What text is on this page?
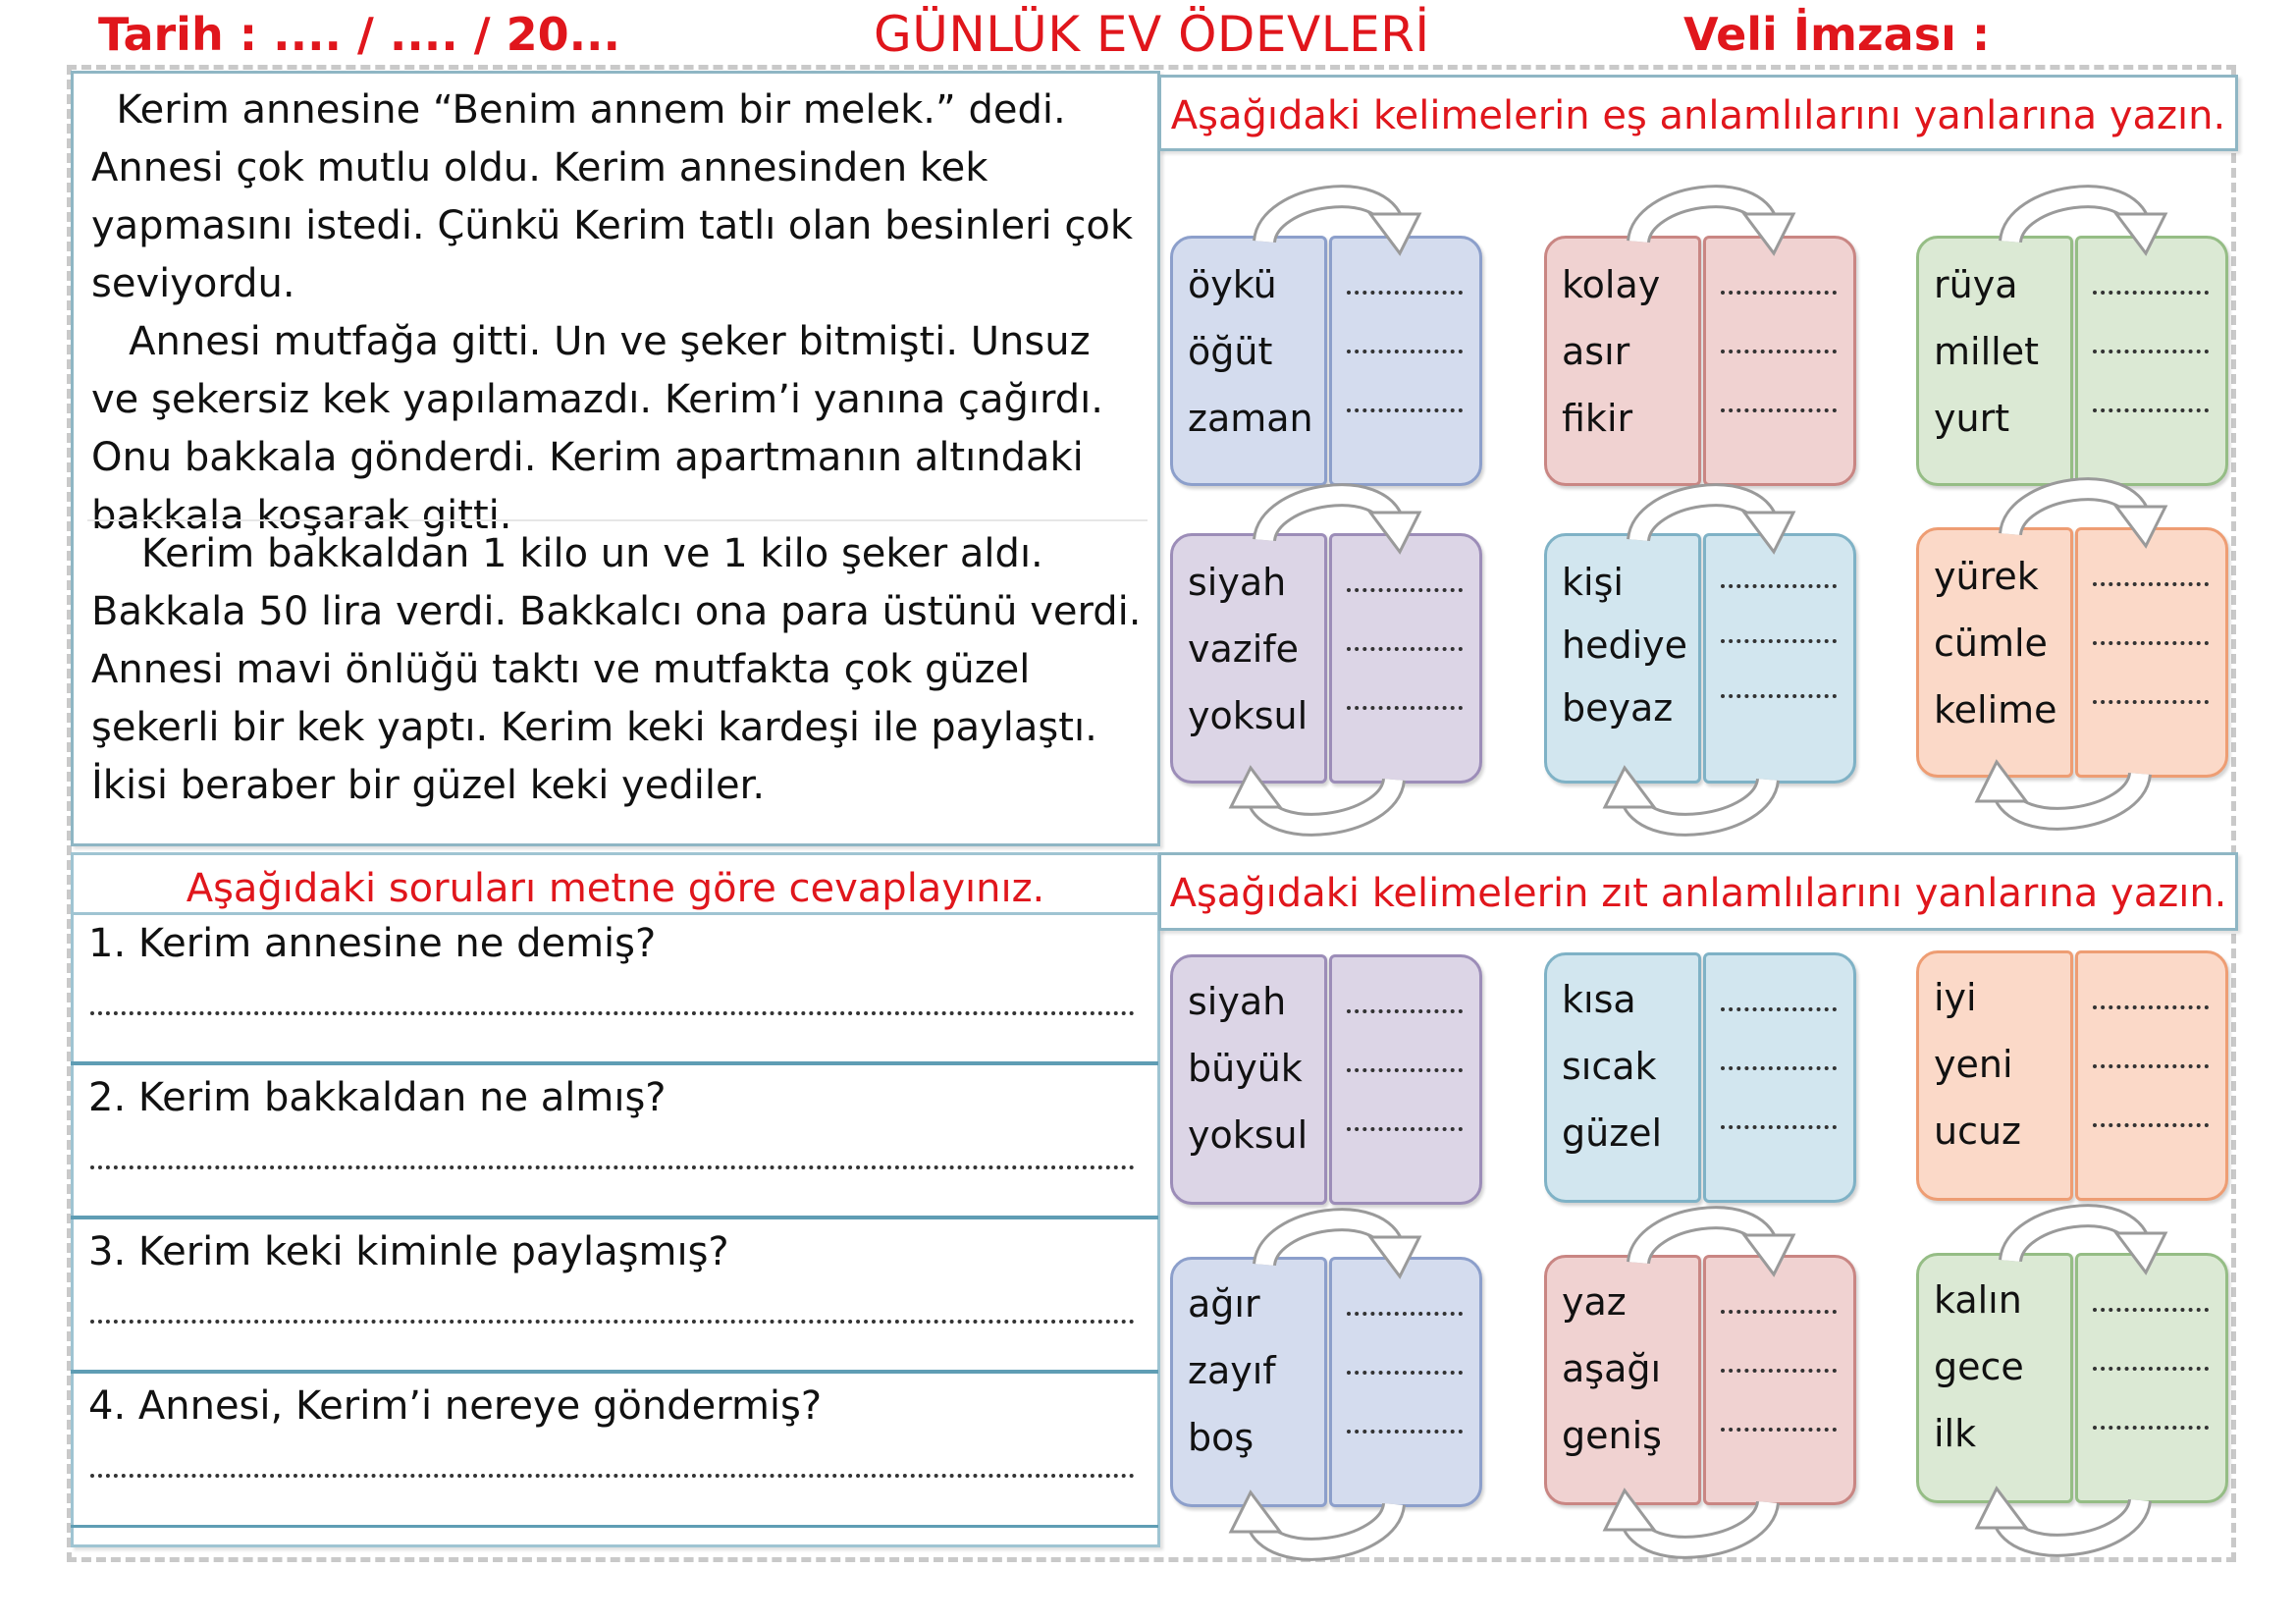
Tarih : .... / .... / 20...	GÜNLÜK EV ÖDEVLERİ	Veli İmzası :

Kerim annesine “Benim annem bir melek.” dedi. Annesi çok mutlu oldu. Kerim annesinden kek yapmasını istedi. Çünkü Kerim tatlı olan besinleri çok seviyordu.

Annesi mutfağa gitti. Un ve şeker bitmişti. Unsuz ve şekersiz kek yapılamazdı. Kerim’i yanına çağırdı. Onu bakkala gönderdi. Kerim apartmanın altındaki bakkala koşarak gitti.

Kerim bakkaldan 1 kilo un ve 1 kilo şeker aldı. Bakkala 50 lira verdi. Bakkalcı ona para üstünü verdi. Annesi mavi önlüğü taktı ve mutfakta çok güzel şekerli bir kek yaptı. Kerim keki kardeşi ile paylaştı. İkisi beraber bir güzel keki yediler.

Aşağıdaki soruları metne göre cevaplayınız.
1. Kerim annesine ne demiş?
2. Kerim bakkaldan ne almış?
3. Kerim keki kiminle paylaşmış?
4. Annesi, Kerim’i nereye göndermiş?
Aşağıdaki kelimelerin eş anlamlılarını yanlarına yazın.
öykü
öğüt
zaman
kolay
asır
fikir
rüya
millet
yurt
siyah
vazife
yoksul
kişi
hediye
beyaz
yürek
cümle
kelime
Aşağıdaki kelimelerin zıt anlamlılarını yanlarına yazın.
siyah
büyük
yoksul
kısa
sıcak
güzel
iyi
yeni
ucuz
ağır
zayıf
boş
yaz
aşağı
geniş
kalın
gece
ilk
